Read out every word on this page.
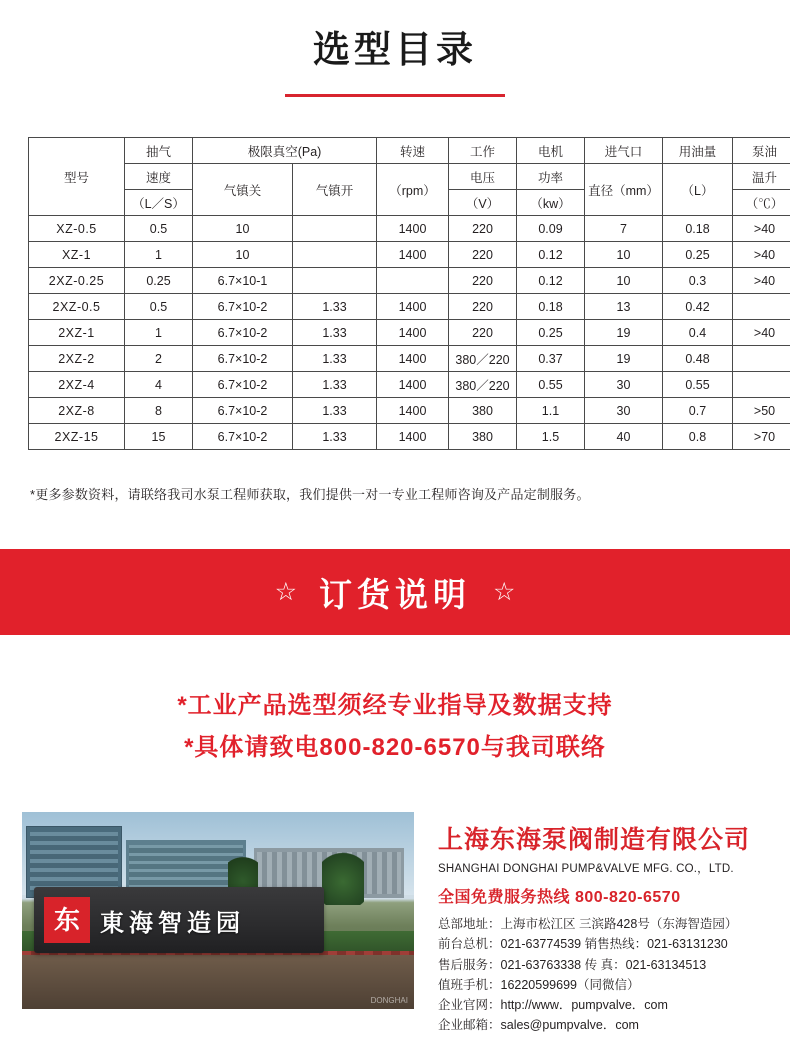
选型目录
型号	抽气	极限真空(Pa)		转速	工作	电机	进气口	用油量	泵油
	速度	气镇关	气镇开	（rpm）	电压	功率	直径（mm）	（L）	温升
	（L／S）				（V）	（kw）			（℃）
XZ-0.5	0.5	10		1400	220	0.09	7	0.18	>40
XZ-1	1	10		1400	220	0.12	10	0.25	>40
2XZ-0.25	0.25	6.7×10-1			220	0.12	10	0.3	>40
2XZ-0.5	0.5	6.7×10-2	1.33	1400	220	0.18	13	0.42	
2XZ-1	1	6.7×10-2	1.33	1400	220	0.25	19	0.4	>40
2XZ-2	2	6.7×10-2	1.33	1400	380／220	0.37	19	0.48	
2XZ-4	4	6.7×10-2	1.33	1400	380／220	0.55	30	0.55	
2XZ-8	8	6.7×10-2	1.33	1400	380	1.1	30	0.7	>50
2XZ-15	15	6.7×10-2	1.33	1400	380	1.5	40	0.8	>70
*更多参数资料，请联络我司水泵工程师获取，我们提供一对一专业工程师咨询及产品定制服务。
☆ 订货说明 ☆
*工业产品选型须经专业指导及数据支持
*具体请致电800-820-6570与我司联络
东 東海智造园
DONGHAI
上海东海泵阀制造有限公司
SHANGHAI DONGHAI PUMP&VALVE MFG. CO.，LTD.
全国免费服务热线 800-820-6570
总部地址：上海市松江区 三滨路428号（东海智造园）
前台总机：021-63774539 销售热线：021-63131230
售后服务：021-63763338 传 真：021-63134513
值班手机：16220599699（同微信）
企业官网：http://www．pumpvalve．com
企业邮箱：sales@pumpvalve．com
